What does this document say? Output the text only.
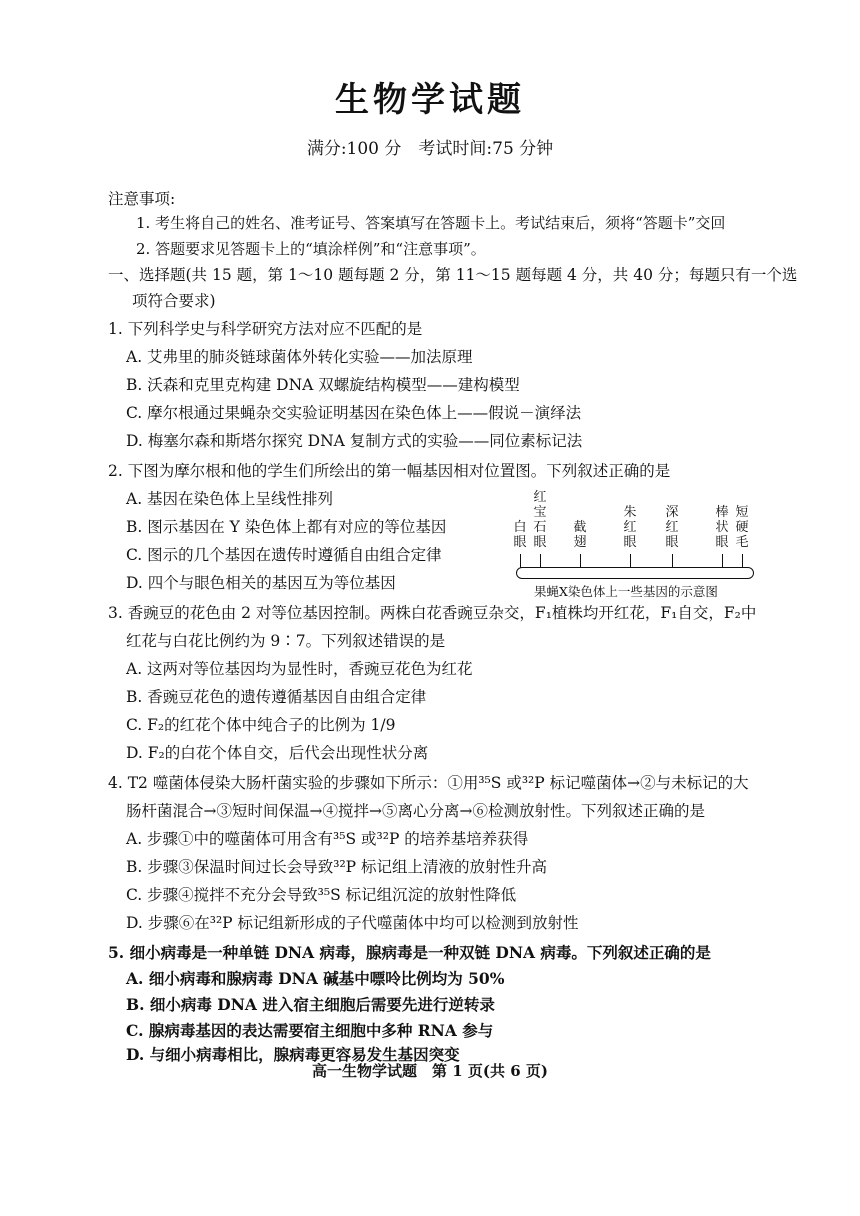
生物学试题
满分:100 分　考试时间:75 分钟
注意事项:
1. 考生将自己的姓名、准考证号、答案填写在答题卡上。考试结束后，须将“答题卡”交回
2. 答题要求见答题卡上的“填涂样例”和“注意事项”。
一、选择题(共 15 题，第 1～10 题每题 2 分，第 11～15 题每题 4 分，共 40 分；每题只有一个选
项符合要求)
1. 下列科学史与科学研究方法对应不匹配的是
A. 艾弗里的肺炎链球菌体外转化实验——加法原理
B. 沃森和克里克构建 DNA 双螺旋结构模型——建构模型
C. 摩尔根通过果蝇杂交实验证明基因在染色体上——假说－演绎法
D. 梅塞尔森和斯塔尔探究 DNA 复制方式的实验——同位素标记法
2. 下图为摩尔根和他的学生们所绘出的第一幅基因相对位置图。下列叙述正确的是
A. 基因在染色体上呈线性排列
B. 图示基因在 Y 染色体上都有对应的等位基因
C. 图示的几个基因在遗传时遵循自由组合定律
D. 四个与眼色相关的基因互为等位基因
白
眼
红
宝
石
眼
截
翅
朱
红
眼
深
红
眼
棒
状
眼
短
硬
毛
果蝇X染色体上一些基因的示意图
3. 香豌豆的花色由 2 对等位基因控制。两株白花香豌豆杂交，F₁植株均开红花，F₁自交，F₂中
红花与白花比例约为 9∶7。下列叙述错误的是
A. 这两对等位基因均为显性时，香豌豆花色为红花
B. 香豌豆花色的遗传遵循基因自由组合定律
C. F₂的红花个体中纯合子的比例为 1/9
D. F₂的白花个体自交，后代会出现性状分离
4. T2 噬菌体侵染大肠杆菌实验的步骤如下所示：①用³⁵S 或³²P 标记噬菌体→②与未标记的大
肠杆菌混合→③短时间保温→④搅拌→⑤离心分离→⑥检测放射性。下列叙述正确的是
A. 步骤①中的噬菌体可用含有³⁵S 或³²P 的培养基培养获得
B. 步骤③保温时间过长会导致³²P 标记组上清液的放射性升高
C. 步骤④搅拌不充分会导致³⁵S 标记组沉淀的放射性降低
D. 步骤⑥在³²P 标记组新形成的子代噬菌体中均可以检测到放射性
5. 细小病毒是一种单链 DNA 病毒，腺病毒是一种双链 DNA 病毒。下列叙述正确的是
A. 细小病毒和腺病毒 DNA 碱基中嘌呤比例均为 50%
B. 细小病毒 DNA 进入宿主细胞后需要先进行逆转录
C. 腺病毒基因的表达需要宿主细胞中多种 RNA 参与
D. 与细小病毒相比，腺病毒更容易发生基因突变
高一生物学试题　第 1 页(共 6 页)
